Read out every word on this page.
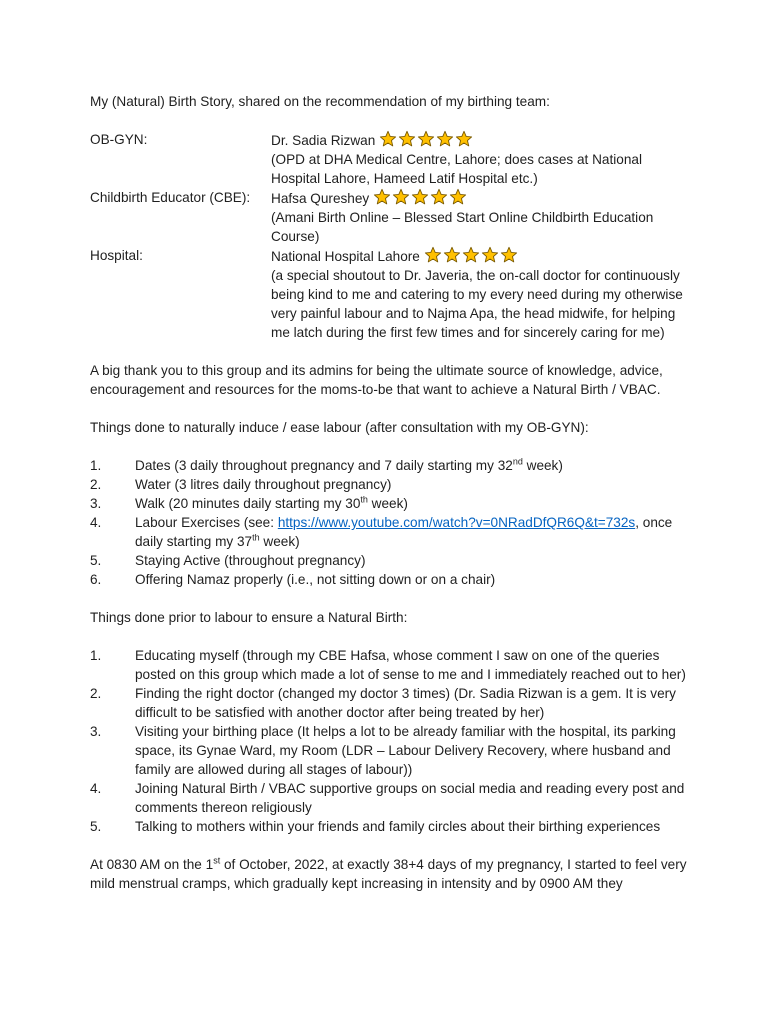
My (Natural) Birth Story, shared on the recommendation of my birthing team:

OB-GYN:	Dr. Sadia Rizwan

(OPD at DHA Medical Centre, Lahore; does cases at National Hospital Lahore, Hameed Latif Hospital etc.)

Childbirth Educator (CBE):	Hafsa Qureshey

(Amani Birth Online – Blessed Start Online Childbirth Education Course)

Hospital:	National Hospital Lahore

(a special shoutout to Dr. Javeria, the on-call doctor for continuously being kind to me and catering to my every need during my otherwise very painful labour and to Najma Apa, the head midwife, for helping me latch during the first few times and for sincerely caring for me)

A big thank you to this group and its admins for being the ultimate source of knowledge, advice, encouragement and resources for the moms-to-be that want to achieve a Natural Birth / VBAC.

Things done to naturally induce / ease labour (after consultation with my OB-GYN):

1.	Dates (3 daily throughout pregnancy and 7 daily starting my 32nd week)
2.	Water (3 litres daily throughout pregnancy)
3.	Walk (20 minutes daily starting my 30th week)
4.	Labour Exercises (see: https://www.youtube.com/watch?v=0NRadDfQR6Q&t=732s, once daily starting my 37th week)
5.	Staying Active (throughout pregnancy)
6.	Offering Namaz properly (i.e., not sitting down or on a chair)

Things done prior to labour to ensure a Natural Birth:

1.	Educating myself (through my CBE Hafsa, whose comment I saw on one of the queries posted on this group which made a lot of sense to me and I immediately reached out to her)
2.	Finding the right doctor (changed my doctor 3 times) (Dr. Sadia Rizwan is a gem. It is very difficult to be satisfied with another doctor after being treated by her)
3.	Visiting your birthing place (It helps a lot to be already familiar with the hospital, its parking space, its Gynae Ward, my Room (LDR – Labour Delivery Recovery, where husband and family are allowed during all stages of labour))
4.	Joining Natural Birth / VBAC supportive groups on social media and reading every post and comments thereon religiously
5.	Talking to mothers within your friends and family circles about their birthing experiences

At 0830 AM on the 1st of October, 2022, at exactly 38+4 days of my pregnancy, I started to feel very mild menstrual cramps, which gradually kept increasing in intensity and by 0900 AM they
